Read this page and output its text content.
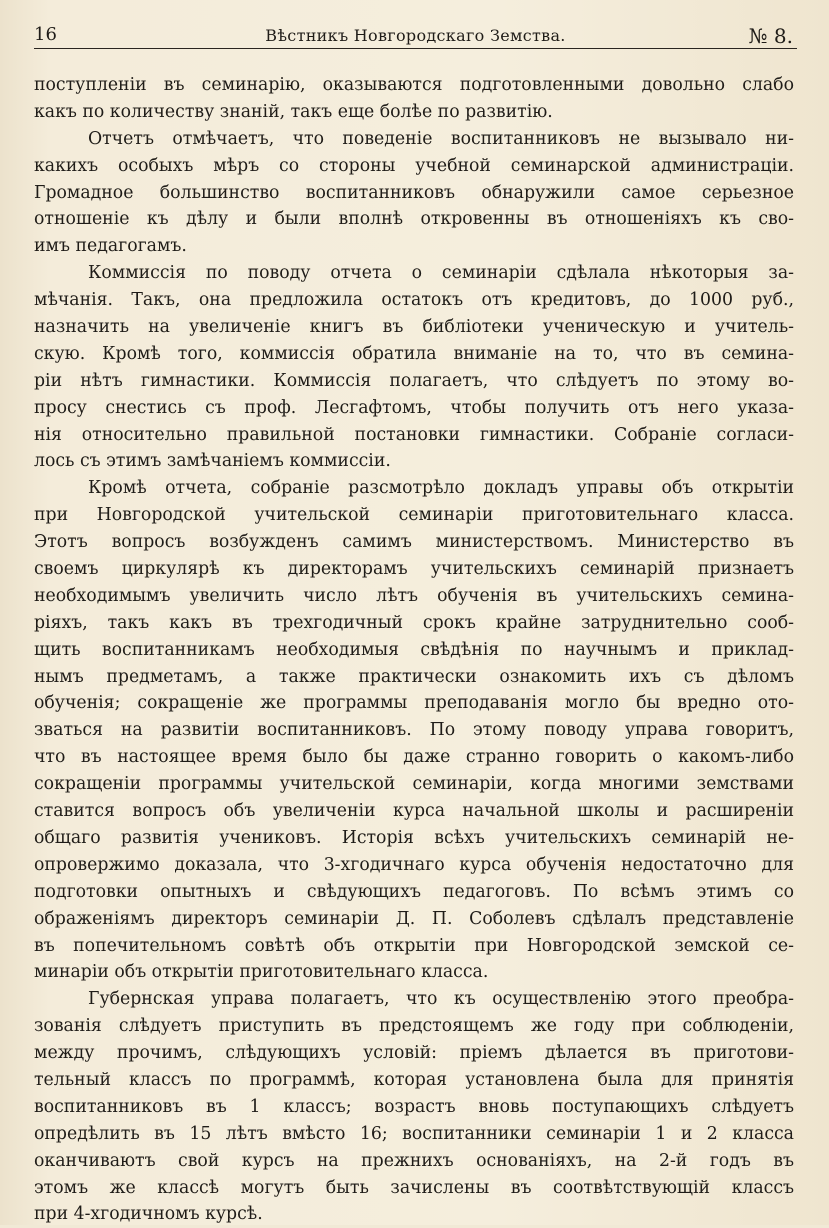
16	Вѣстникъ Новгородскаго Земства.	№ 8.
поступленіи въ семинарію, оказываются подготовленными довольно слабо
какъ по количеству знаній, такъ еще болѣе по развитію.
Отчетъ отмѣчаетъ, что поведеніе воспитанниковъ не вызывало ни-
какихъ особыхъ мѣръ со стороны учебной семинарской администраціи.
Громадное большинство воспитанниковъ обнаружили самое серьезное
отношеніе къ дѣлу и были вполнѣ откровенны въ отношеніяхъ къ сво-
имъ педагогамъ.
Коммиссія по поводу отчета о семинаріи сдѣлала нѣкоторыя за-
мѣчанія. Такъ, она предложила остатокъ отъ кредитовъ, до 1000 руб.,
назначить на увеличеніе книгъ въ библіотеки ученическую и учитель-
скую. Кромѣ того, коммиссія обратила вниманіе на то, что въ семина-
ріи нѣтъ гимнастики. Коммиссія полагаетъ, что слѣдуетъ по этому во-
просу снестись съ проф. Лесгафтомъ, чтобы получить отъ него указа-
нія относительно правильной постановки гимнастики. Собраніе согласи-
лось съ этимъ замѣчаніемъ коммиссіи.
Кромѣ отчета, собраніе разсмотрѣло докладъ управы объ открытіи
при Новгородской учительской семинаріи приготовительнаго класса.
Этотъ вопросъ возбужденъ самимъ министерствомъ. Министерство въ
своемъ циркулярѣ къ директорамъ учительскихъ семинарій признаетъ
необходимымъ увеличить число лѣтъ обученія въ учительскихъ семина-
ріяхъ, такъ какъ въ трехгодичный срокъ крайне затруднительно сооб-
щить воспитанникамъ необходимыя свѣдѣнія по научнымъ и приклад-
нымъ предметамъ, а также практически ознакомить ихъ съ дѣломъ
обученія; сокращеніе же программы преподаванія могло бы вредно ото-
зваться на развитіи воспитанниковъ. По этому поводу управа говоритъ,
что въ настоящее время было бы даже странно говорить о какомъ-либо
сокращеніи программы учительской семинаріи, когда многими земствами
ставится вопросъ объ увеличеніи курса начальной школы и расширеніи
общаго развитія учениковъ. Исторія всѣхъ учительскихъ семинарій не-
опровержимо доказала, что 3-хгодичнаго курса обученія недостаточно для
подготовки опытныхъ и свѣдующихъ педагоговъ. По всѣмъ этимъ со
ображеніямъ директоръ семинаріи Д. П. Соболевъ сдѣлалъ представленіе
въ попечительномъ совѣтѣ объ открытіи при Новгородской земской се-
минаріи объ открытіи приготовительнаго класса.
Губернская управа полагаетъ, что къ осуществленію этого преобра-
зованія слѣдуетъ приступить въ предстоящемъ же году при соблюденіи,
между прочимъ, слѣдующихъ условій: пріемъ дѣлается въ приготови-
тельный классъ по программѣ, которая установлена была для принятія
воспитанниковъ въ 1 классъ; возрастъ вновь поступающихъ слѣдуетъ
опредѣлить въ 15 лѣтъ вмѣсто 16; воспитанники семинаріи 1 и 2 класса
оканчиваютъ свой курсъ на прежнихъ основаніяхъ, на 2-й годъ въ
этомъ же классѣ могутъ быть зачислены въ соотвѣтствующій классъ
при 4-хгодичномъ курсѣ.
